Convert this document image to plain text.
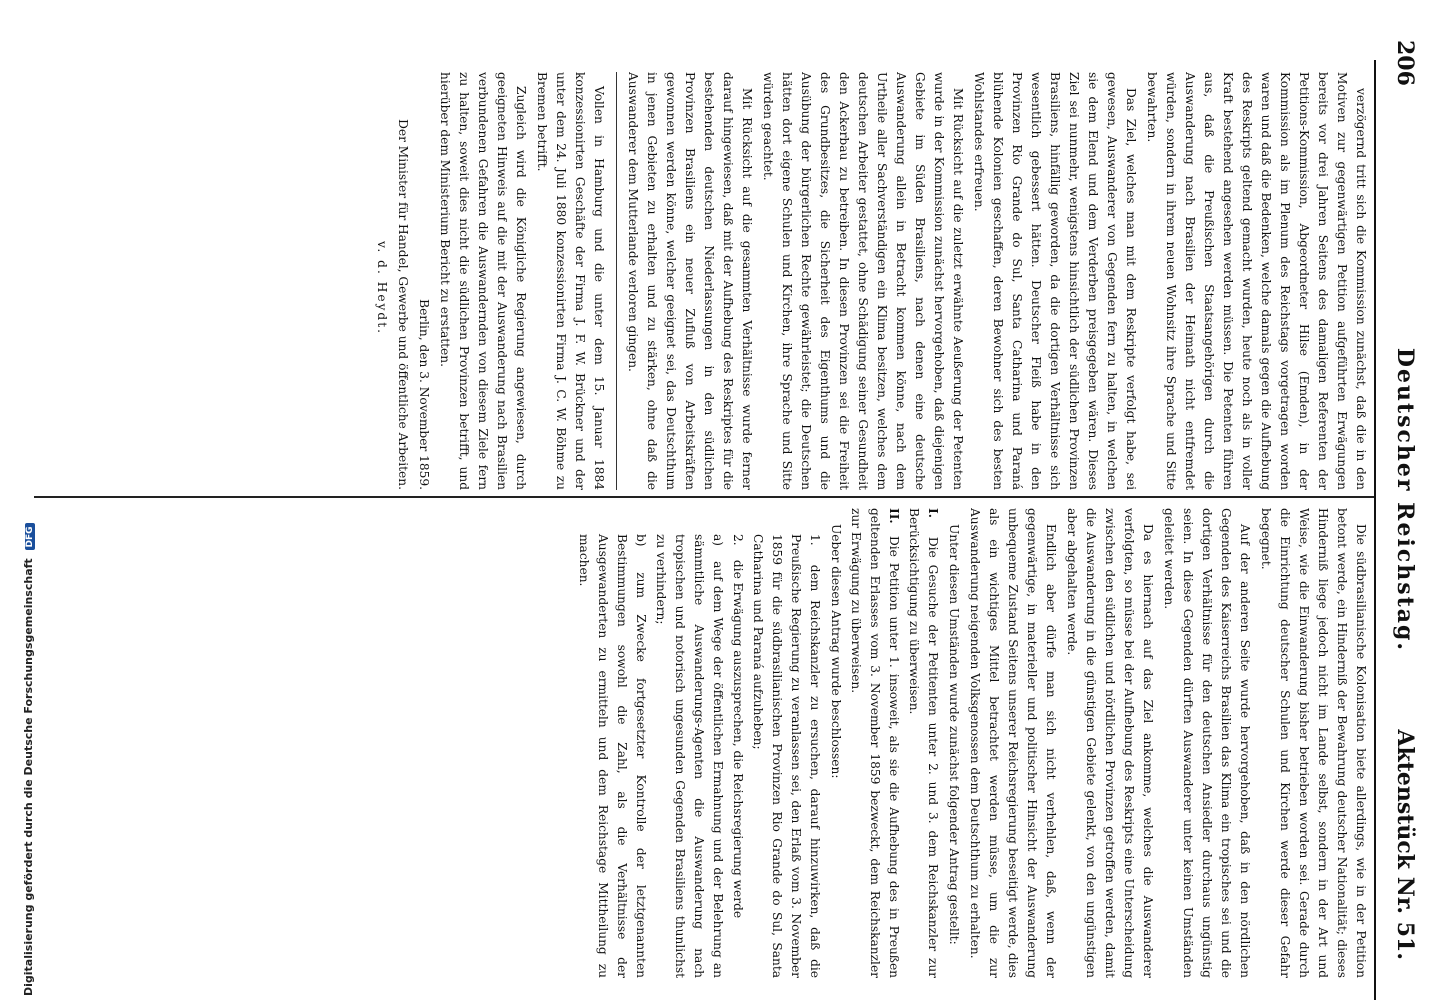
206
Deutscher Reichstag.
Aktenstück Nr. 51.

verzögernd tritt sich die Kommission zunächst, daß die in den Motiven zur gegenwärtigen Petition aufgeführten Erwägungen bereits vor drei Jahren Seitens des damaligen Referenten der Petitions-Kommission, Abgeordneter Hilse (Emden), in der Kommission als im Plenum des Reichstags vorgetragen worden waren und daß die Bedenken, welche damals gegen die Aufhebung des Reskripts geltend gemacht wurden, heute noch als in voller Kraft bestehend angesehen werden müssen. Die Petenten führen aus, daß die Preußischen Staatsangehörigen durch die Auswanderung nach Brasilien der Heimath nicht entfremdet würden, sondern in ihrem neuen Wohnsitz ihre Sprache und Sitte bewahrten.

Das Ziel, welches man mit dem Reskripte verfolgt habe, sei gewesen, Auswanderer von Gegenden fern zu halten, in welchen sie dem Elend und dem Verderben preisgegeben wären. Dieses Ziel sei nunmehr, wenigstens hinsichtlich der südlichen Provinzen Brasiliens, hinfällig geworden, da die dortigen Verhältnisse sich wesentlich gebessert hätten. Deutscher Fleiß habe in den Provinzen Rio Grande do Sul, Santa Catharina und Paraná blühende Kolonien geschaffen, deren Bewohner sich des besten Wohlstandes erfreuen.

Mit Rücksicht auf die zuletzt erwähnte Aeußerung der Petenten wurde in der Kommission zunächst hervorgehoben, daß diejenigen Gebiete im Süden Brasiliens, nach denen eine deutsche Auswanderung allein in Betracht kommen könne, nach dem Urtheile aller Sachverständigen ein Klima besitzen, welches dem deutschen Arbeiter gestattet, ohne Schädigung seiner Gesundheit den Ackerbau zu betreiben. In diesen Provinzen sei die Freiheit des Grundbesitzes, die Sicherheit des Eigenthums und die Ausübung der bürgerlichen Rechte gewährleistet; die Deutschen hätten dort eigene Schulen und Kirchen, ihre Sprache und Sitte würden geachtet.

Mit Rücksicht auf die gesammten Verhältnisse wurde ferner darauf hingewiesen, daß mit der Aufhebung des Reskriptes für die bestehenden deutschen Niederlassungen in den südlichen Provinzen Brasiliens ein neuer Zufluß von Arbeitskräften gewonnen werden könne, welcher geeignet sei, das Deutschthum in jenen Gebieten zu erhalten und zu stärken, ohne daß die Auswanderer dem Mutterlande verloren gingen.

Vollen in Hamburg und die unter dem 15. Januar 1884 konzessionirten Geschäfte der Firma J. F. W. Brückner und der unter dem 24. Juli 1880 konzessionirten Firma J. C. W. Böhme zu Bremen betrifft.

Zugleich wird die Königliche Regierung angewiesen, durch geeigneten Hinweis auf die mit der Auswanderung nach Brasilien verbundenen Gefahren die Auswandernden von diesem Ziele fern zu halten, soweit dies nicht die südlichen Provinzen betrifft, und hierüber dem Ministerium Bericht zu erstatten.

Berlin, den 3. November 1859.

Der Minister für Handel, Gewerbe und öffentliche Arbeiten.

v. d. Heydt.

Die südbrasilianische Kolonisation biete allerdings, wie in der Petition betont werde, ein Hinderniß der Bewahrung deutscher Nationalität; dieses Hinderniß liege jedoch nicht im Lande selbst, sondern in der Art und Weise, wie die Einwanderung bisher betrieben worden sei. Gerade durch die Einrichtung deutscher Schulen und Kirchen werde dieser Gefahr begegnet.

Auf der anderen Seite wurde hervorgehoben, daß in den nördlichen Gegenden des Kaiserreichs Brasilien das Klima ein tropisches sei und die dortigen Verhältnisse für den deutschen Ansiedler durchaus ungünstig seien. In diese Gegenden dürften Auswanderer unter keinen Umständen geleitet werden.

Da es hiernach auf das Ziel ankomme, welches die Auswanderer verfolgten, so müsse bei der Aufhebung des Reskripts eine Unterscheidung zwischen den südlichen und nördlichen Provinzen getroffen werden, damit die Auswanderung in die günstigen Gebiete gelenkt, von den ungünstigen aber abgehalten werde.

Endlich aber dürfe man sich nicht verhehlen, daß, wenn der gegenwärtige, in materieller und politischer Hinsicht der Auswanderung unbequeme Zustand Seitens unserer Reichsregierung beseitigt werde, dies als ein wichtiges Mittel betrachtet werden müsse, um die zur Auswanderung neigenden Volksgenossen dem Deutschthum zu erhalten.

Unter diesen Umständen wurde zunächst folgender Antrag gestellt:

I. Die Gesuche der Petitenten unter 2. und 3. dem Reichskanzler zur Berücksichtigung zu überweisen.
II. Die Petition unter 1. insoweit, als sie die Aufhebung des in Preußen geltenden Erlasses vom 3. November 1859 bezweckt, dem Reichskanzler zur Erwägung zu überweisen.

Ueber diesen Antrag wurde beschlossen:

1. dem Reichskanzler zu ersuchen, darauf hinzuwirken, daß die Preußische Regierung zu veranlassen sei, den Erlaß vom 3. November 1859 für die südbrasilianischen Provinzen Rio Grande do Sul, Santa Catharina und Paraná aufzuheben;
2. die Erwägung auszusprechen, die Reichsregierung werde
a) auf dem Wege der öffentlichen Ermahnung und der Belehrung an sämmtliche Auswanderungs-Agenten die Auswanderung nach tropischen und notorisch ungesunden Gegenden Brasiliens thunlichst zu verhindern;
b) zum Zwecke fortgesetzter Kontrolle der letztgenannten Bestimmungen sowohl die Zahl, als die Verhältnisse der Ausgewanderten zu ermitteln und dem Reichstage Mittheilung zu machen.
Digitalisierung gefördert durch die Deutsche Forschungsgemeinschaft DFG
